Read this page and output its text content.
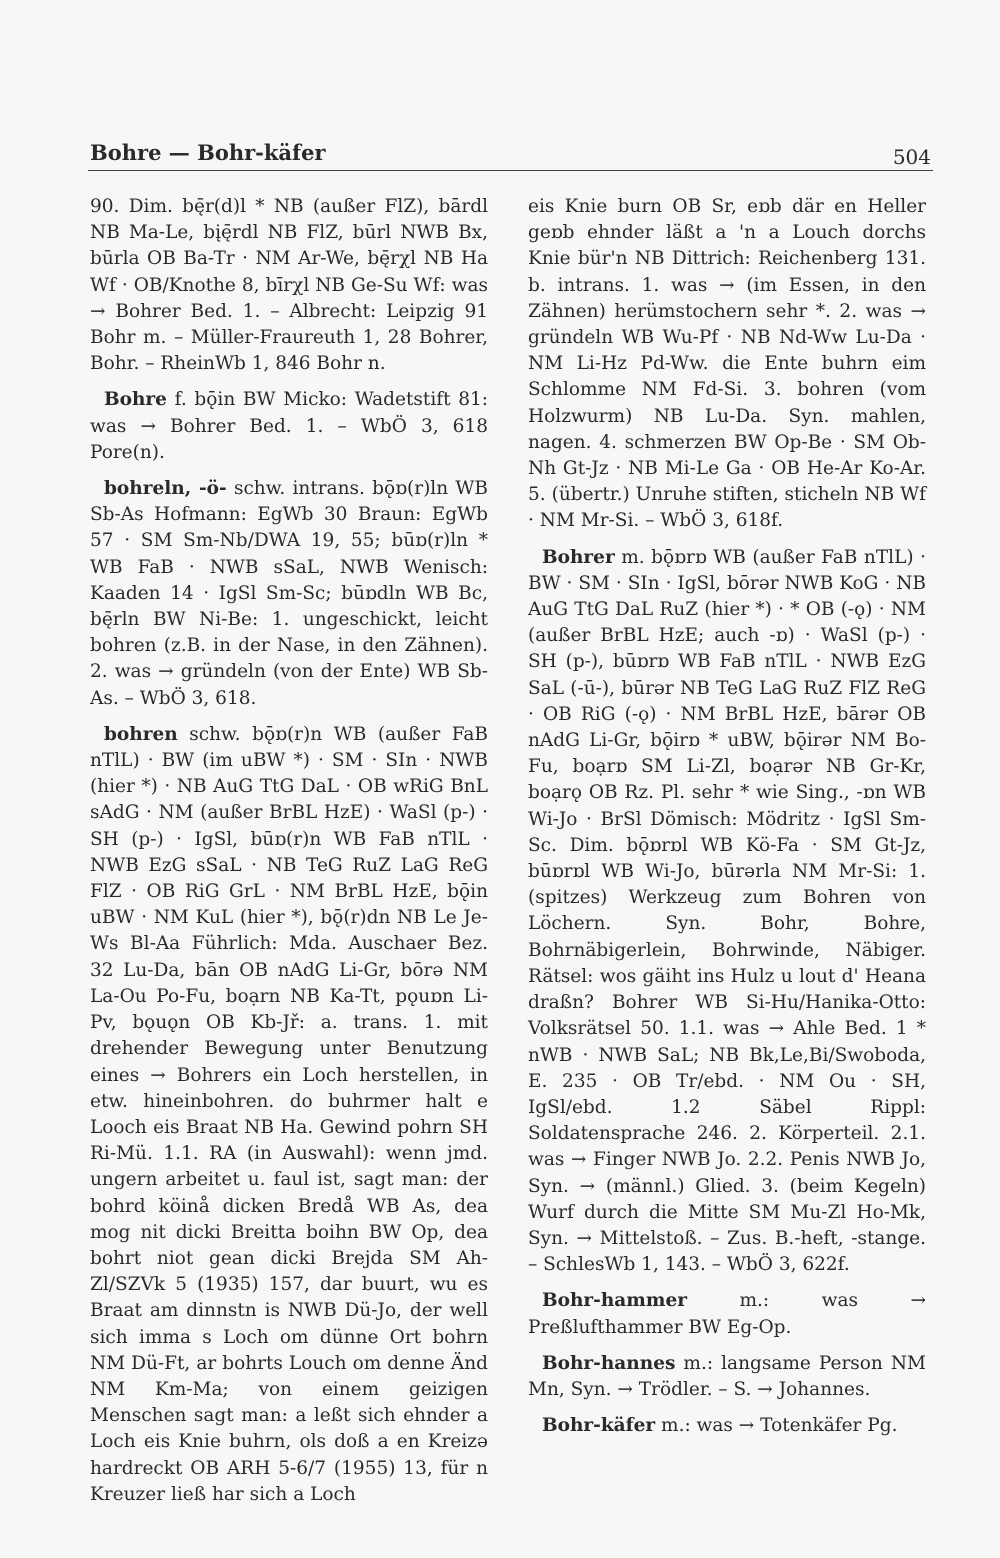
Bohre — Bohr-käfer	504

90. Dim. bę̄r(d)l * NB (außer FlZ), bārdl NB Ma-Le, bįę̄rdl NB FlZ, būrl NWB Bx, būrla OB Ba-Tr · NM Ar-We, bę̄rχl NB Ha Wf · OB/Knothe 8, bīrχl NB Ge-Su Wf: was → Bohrer Bed. 1. – Albrecht: Leipzig 91 Bohr m. – Müller-Fraureuth 1, 28 Bohrer, Bohr. – RheinWb 1, 846 Bohr n.

Bohre f. bǭin BW Micko: Wadetstift 81: was → Bohrer Bed. 1. – WbÖ 3, 618 Pore(n).

bohreln, -ö- schw. intrans. bǭɒ(r)ln WB Sb-As Hofmann: EgWb 30 Braun: EgWb 57 · SM Sm-Nb/DWA 19, 55; būɒ(r)ln * WB FaB · NWB sSaL, NWB Wenisch: Kaaden 14 · IgSl Sm-Sc; būɒdln WB Bc, bę̄rln BW Ni-Be: 1. ungeschickt, leicht bohren (z.B. in der Nase, in den Zähnen). 2. was → gründeln (von der Ente) WB Sb-As. – WbÖ 3, 618.

bohren schw. bǭɒ(r)n WB (außer FaB nTlL) · BW (im uBW *) · SM · SIn · NWB (hier *) · NB AuG TtG DaL · OB wRiG BnL sAdG · NM (außer BrBL HzE) · WaSl (p-) · SH (p-) · IgSl, būɒ(r)n WB FaB nTlL · NWB EzG sSaL · NB TeG RuZ LaG ReG FlZ · OB RiG GrL · NM BrBL HzE, bǭin uBW · NM KuL (hier *), bǭ(r)dn NB Le Je-Ws Bl-Aa Führlich: Mda. Auschaer Bez. 32 Lu-Da, bān OB nAdG Li-Gr, bōrə NM La-Ou Po-Fu, boạrn NB Ka-Tt, pǫuɒn Li-Pv, bǫuǫn OB Kb-Jř: a. trans. 1. mit drehender Bewegung unter Benutzung eines → Bohrers ein Loch herstellen, in etw. hineinbohren. do buhrmer halt e Looch eis Braat NB Ha. Gewind pohrn SH Ri-Mü. 1.1. RA (in Auswahl): wenn jmd. ungern arbeitet u. faul ist, sagt man: der bohrd köinå dicken Bredå WB As, dea mog nit dicki Breitta boihn BW Op, dea bohrt niot gean dicki Brejda SM Ah-Zl/SZVk 5 (1935) 157, dar buurt, wu es Braat am dinnstn is NWB Dü-Jo, der well sich imma s Loch om dünne Ort bohrn NM Dü-Ft, ar bohrts Louch om denne Änd NM Km-Ma; von einem geizigen Menschen sagt man: a leßt sich ehnder a Loch eis Knie buhrn, ols doß a en Kreizə hardreckt OB ARH 5-6/7 (1955) 13, für n Kreuzer ließ har sich a Loch

eis Knie burn OB Sr, eɒb där en Heller geɒb ehnder läßt a 'n a Louch dorchs Knie bür'n NB Dittrich: Reichenberg 131. b. intrans. 1. was → (im Essen, in den Zähnen) herümstochern sehr *. 2. was → gründeln WB Wu-Pf · NB Nd-Ww Lu-Da · NM Li-Hz Pd-Ww. die Ente buhrn eim Schlomme NM Fd-Si. 3. bohren (vom Holzwurm) NB Lu-Da. Syn. mahlen, nagen. 4. schmerzen BW Op-Be · SM Ob-Nh Gt-Jz · NB Mi-Le Ga · OB He-Ar Ko-Ar. 5. (übertr.) Unruhe stiften, sticheln NB Wf · NM Mr-Si. – WbÖ 3, 618f.

Bohrer m. bǭɒrɒ WB (außer FaB nTlL) · BW · SM · SIn · IgSl, bōrər NWB KoG · NB AuG TtG DaL RuZ (hier *) · * OB (-ǫ) · NM (außer BrBL HzE; auch -ɒ) · WaSl (p-) · SH (p-), būɒrɒ WB FaB nTlL · NWB EzG SaL (-ū-), būrər NB TeG LaG RuZ FlZ ReG · OB RiG (-ǫ) · NM BrBL HzE, bārər OB nAdG Li-Gr, bǭirɒ * uBW, bǭirər NM Bo-Fu, boạrɒ SM Li-Zl, boạrər NB Gr-Kr, boạrǫ OB Rz. Pl. sehr * wie Sing., -ɒn WB Wi-Jo · BrSl Dömisch: Mödritz · IgSl Sm-Sc. Dim. bǭɒrɒl WB Kö-Fa · SM Gt-Jz, būɒrɒl WB Wi-Jo, būrərla NM Mr-Si: 1. (spitzes) Werkzeug zum Bohren von Löchern. Syn. Bohr, Bohre, Bohrnäbigerlein, Bohrwinde, Näbiger. Rätsel: wos gäiht ins Hulz u lout d' Heana draßn? Bohrer WB Si-Hu/Hanika-Otto: Volksrätsel 50. 1.1. was → Ahle Bed. 1 * nWB · NWB SaL; NB Bk,Le,Bi/Swoboda, E. 235 · OB Tr/ebd. · NM Ou · SH, IgSl/ebd. 1.2 Säbel Rippl: Soldatensprache 246. 2. Körperteil. 2.1. was → Finger NWB Jo. 2.2. Penis NWB Jo, Syn. → (männl.) Glied. 3. (beim Kegeln) Wurf durch die Mitte SM Mu-Zl Ho-Mk, Syn. → Mittelstoß. – Zus. B.-heft, -stange. – SchlesWb 1, 143. – WbÖ 3, 622f.

Bohr-hammer m.: was → Preßlufthammer BW Eg-Op.

Bohr-hannes m.: langsame Person NM Mn, Syn. → Trödler. – S. → Johannes.

Bohr-käfer m.: was → Totenkäfer Pg.
